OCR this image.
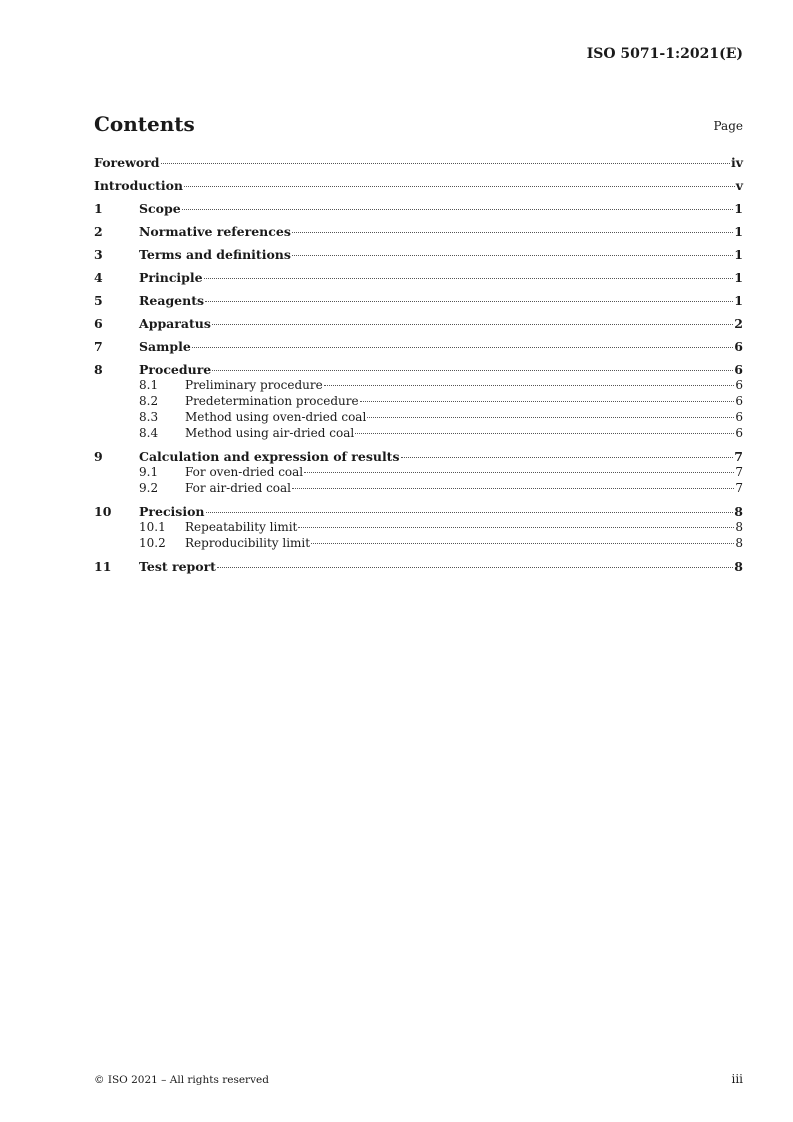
ISO 5071-1:2021(E)
Contents	Page
Foreword	iv
Introduction	v
1	Scope	1
2	Normative references	1
3	Terms and definitions	1
4	Principle	1
5	Reagents	1
6	Apparatus	2
7	Sample	6
8	Procedure	6
8.1	Preliminary procedure	6
8.2	Predetermination procedure	6
8.3	Method using oven-dried coal	6
8.4	Method using air-dried coal	6
9	Calculation and expression of results	7
9.1	For oven-dried coal	7
9.2	For air-dried coal	7
10	Precision	8
10.1	Repeatability limit	8
10.2	Reproducibility limit	8
11	Test report	8
© ISO 2021 – All rights reserved	iii
